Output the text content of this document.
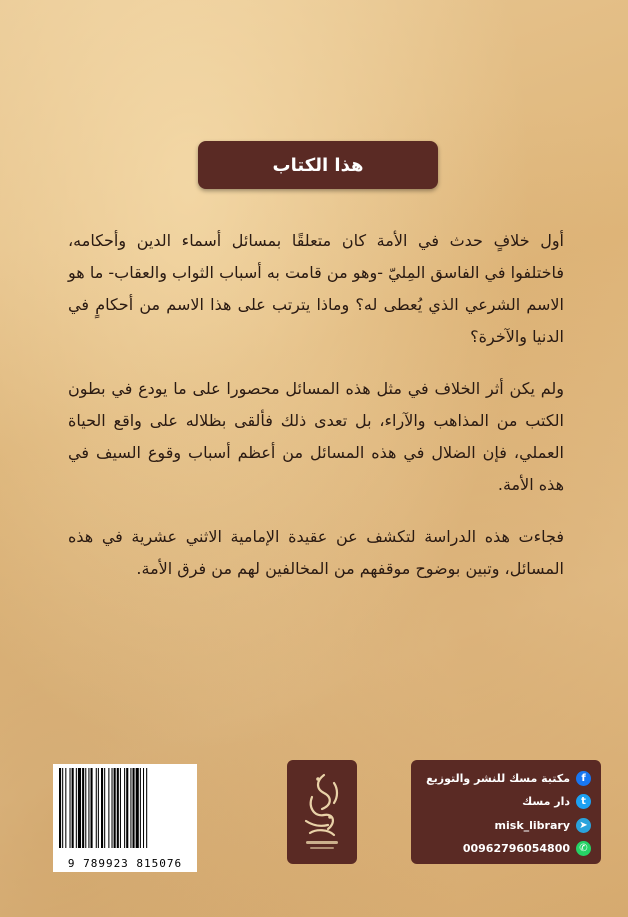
هذا الكتاب

أول خلافٍ حدث في الأمة كان متعلقًا بمسائل أسماء الدين وأحكامه، فاختلفوا في الفاسق المِليّ -وهو من قامت به أسباب الثواب والعقاب- ما هو الاسم الشرعي الذي يُعطى له؟ وماذا يترتب على هذا الاسم من أحكامٍ في الدنيا والآخرة؟

ولم يكن أثر الخلاف في مثل هذه المسائل محصورا على ما يودع في بطون الكتب من المذاهب والآراء، بل تعدى ذلك فألقى بظلاله على واقع الحياة العملي، فإن الضلال في هذه المسائل من أعظم أسباب وقوع السيف في هذه الأمة.

فجاءت هذه الدراسة لتكشف عن عقيدة الإمامية الاثني عشرية في هذه المسائل، وتبين بوضوح موقفهم من المخالفين لهم من فرق الأمة.

مكتبة مسك للنشر والتوزيع	f
دار مسك	t
misk_library ➤
00962796054800 ✆
9 789923 815076
